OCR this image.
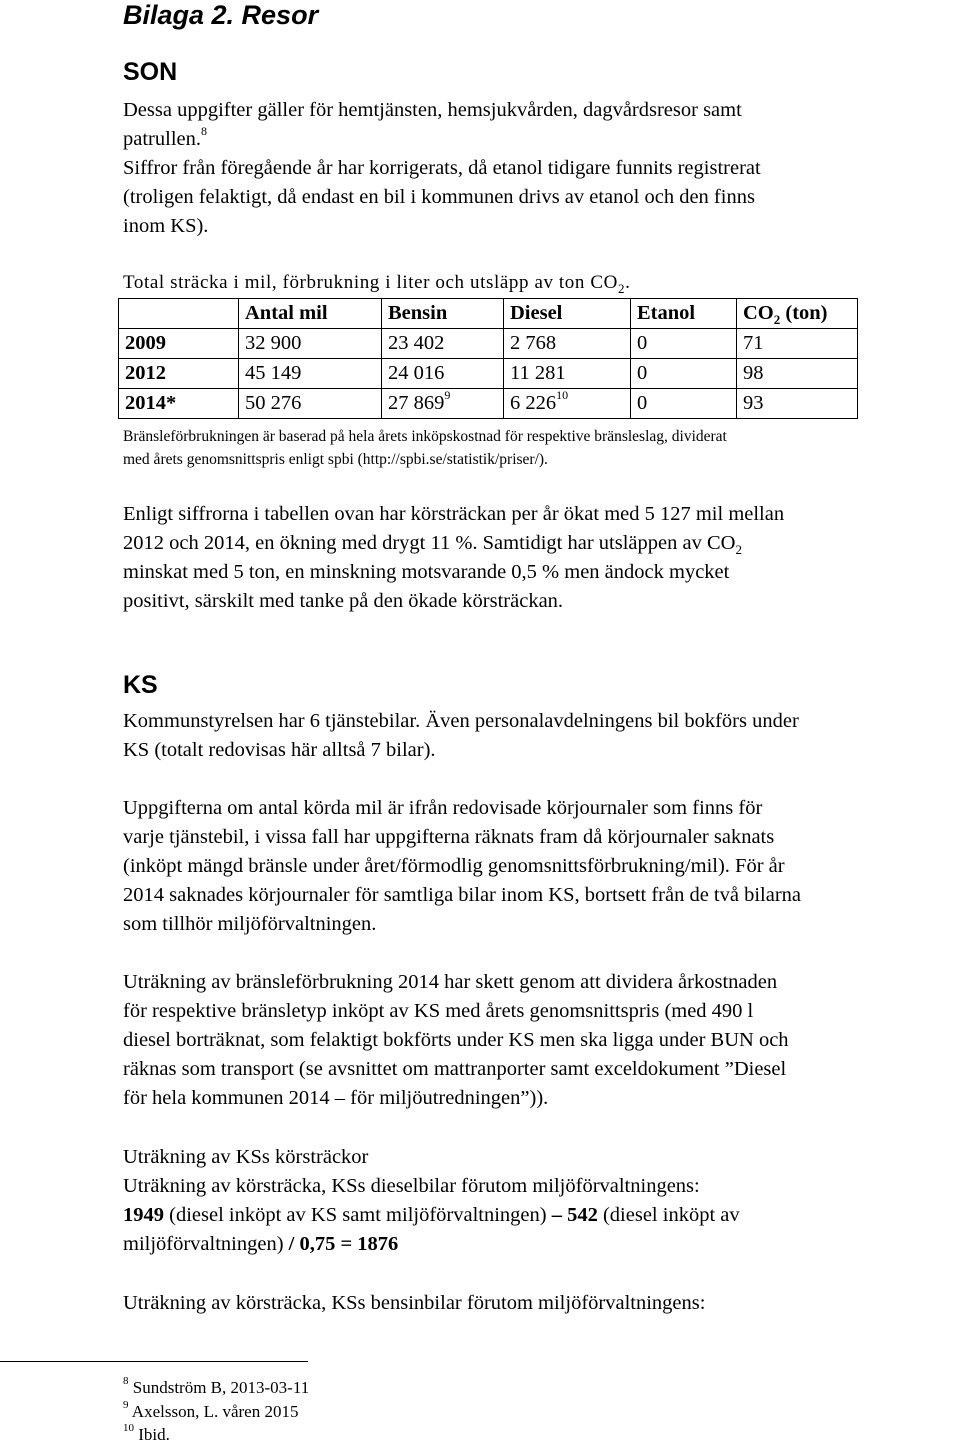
Bilaga 2. Resor
SON

Dessa uppgifter gäller för hemtjänsten, hemsjukvården, dagvårdsresor samt

patrullen.$^8$

Siffror från föregående år har korrigerats, då etanol tidigare funnits registrerat

(troligen felaktigt, då endast en bil i kommunen drivs av etanol och den finns

inom KS).

Total sträcka i mil, förbrukning i liter och utsläpp av ton $CO_2$.
	Antal mil	Bensin	Diesel	Etanol	$CO_2$ (ton)
2009	32 900	23 402	2 768	0	71
2012	45 149	24 016	11 281	0	98
2014*	50 276	27 $869^9$	6 $226^{10}$	0	93
Bränsleförbrukningen är baserad på hela årets inköpskostnad för respektive bränsleslag, dividerat
med årets genomsnittspris enligt spbi (http://spbi.se/statistik/priser/).

Enligt siffrorna i tabellen ovan har körsträckan per år ökat med 5 127 mil mellan

2012 och 2014, en ökning med drygt 11 %. Samtidigt har utsläppen av $CO_2$

minskat med 5 ton, en minskning motsvarande 0,5 % men ändock mycket

positivt, särskilt med tanke på den ökade körsträckan.

KS

Kommunstyrelsen har 6 tjänstebilar. Även personalavdelningens bil bokförs under

KS (totalt redovisas här alltså 7 bilar).

Uppgifterna om antal körda mil är ifrån redovisade körjournaler som finns för

varje tjänstebil, i vissa fall har uppgifterna räknats fram då körjournaler saknats

(inköpt mängd bränsle under året/förmodlig genomsnittsförbrukning/mil). För år

2014 saknades körjournaler för samtliga bilar inom KS, bortsett från de två bilarna

som tillhör miljöförvaltningen.

Uträkning av bränsleförbrukning 2014 har skett genom att dividera årkostnaden

för respektive bränsletyp inköpt av KS med årets genomsnittspris (med 490 l

diesel borträknat, som felaktigt bokförts under KS men ska ligga under BUN och

räknas som transport (se avsnittet om mattranporter samt exceldokument ”Diesel

för hela kommunen 2014 – för miljöutredningen”)).

Uträkning av KSs körsträckor

Uträkning av körsträcka, KSs dieselbilar förutom miljöförvaltningens:

1949 (diesel inköpt av KS samt miljöförvaltningen) – 542 (diesel inköpt av

miljöförvaltningen) / 0,75 = 1876

Uträkning av körsträcka, KSs bensinbilar förutom miljöförvaltningens:

$^8$ Sundström B, 2013-03-11
$^9$ Axelsson, L. våren 2015
$^{10}$ Ibid.
